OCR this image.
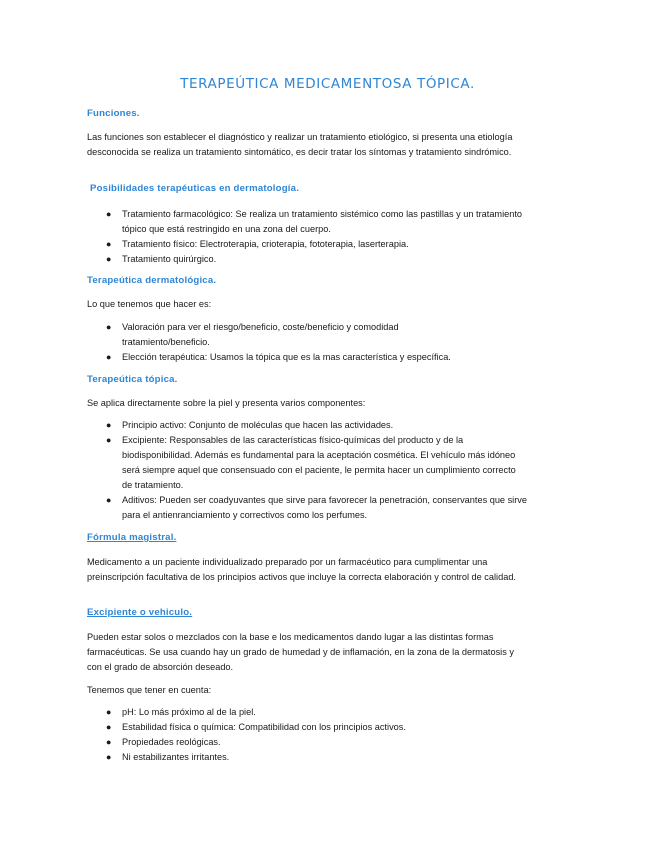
TERAPEÚTICA MEDICAMENTOSA TÓPICA.
Funciones.

Las funciones son establecer el diagnóstico y realizar un tratamiento etiológico, si presenta una etiología desconocida se realiza un tratamiento sintomático, es decir tratar los síntomas y tratamiento sindrómico.

Posibilidades terapéuticas en dermatología.
● Tratamiento farmacológico: Se realiza un tratamiento sistémico como las pastillas y un tratamiento tópico que está restringido en una zona del cuerpo.
● Tratamiento físico: Electroterapia, crioterapia, fototerapia, laserterapia.
● Tratamiento quirúrgico.
Terapeútica dermatológica.

Lo que tenemos que hacer es:

● Valoración para ver el riesgo/beneficio, coste/beneficio y comodidad tratamiento/beneficio.
● Elección terapéutica: Usamos la tópica que es la mas característica y específica.
Terapeútica tópica.

Se aplica directamente sobre la piel y presenta varios componentes:

● Principio activo: Conjunto de moléculas que hacen las actividades.
● Excipiente: Responsables de las características físico-químicas del producto y de la biodisponibilidad. Además es fundamental para la aceptación cosmética. El vehículo más idóneo será siempre aquel que consensuado con el paciente, le permita hacer un cumplimiento correcto de tratamiento.
● Aditivos: Pueden ser coadyuvantes que sirve para favorecer la penetración, conservantes que sirve para el antienranciamiento y correctivos como los perfumes.
Fórmula magistral.

Medicamento a un paciente individualizado preparado por un farmacéutico para cumplimentar una preinscripción facultativa de los principios activos que incluye la correcta elaboración y control de calidad.

Excipiente o vehiculo.

Pueden estar solos o mezclados con la base e los medicamentos dando lugar a las distintas formas farmacéuticas. Se usa cuando hay un grado de humedad y de inflamación, en la zona de la dermatosis y con el grado de absorción deseado.

Tenemos que tener en cuenta:

● pH: Lo más próximo al de la piel.
● Estabilidad física o química: Compatibilidad con los principios activos.
● Propiedades reológicas.
● Ni estabilizantes irritantes.
